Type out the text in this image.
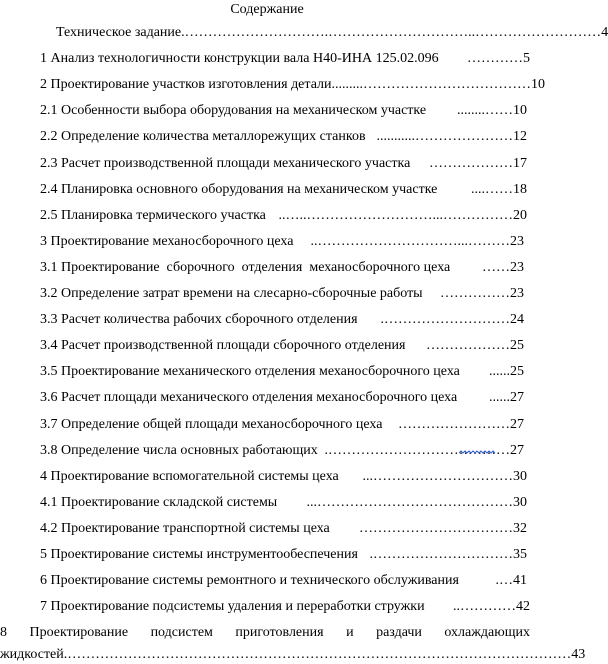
Содержание
Техническое задание ………………………..………………………….…………………………. 4
1 Анализ технологичности конструкции вала Н40-ИНА 125.02.096	………… 5
2 Проектирование участков изготовления детали ………………………………......... 10
2.1 Особенности выбора оборудования на механическом участке	……........ 10
2.2 Определение количества металлорежущих станков …………………........... 12
2.3 Расчет производственной площади механического участка	……………… 17
2.4 Планировка основного оборудования на механическом участке	…….... 18
2.5 Планировка термического участка ……………...………………………..….. 20
3 Проектирование механосборочного цеха	………...………………………….. 23
3.1 Проектирование  сборочного  отделения  механосборочного цеха	…… 23
3.2 Определение затрат времени на слесарно-сборочные работы	…………… 23
3.3 Расчет количества рабочих сборочного отделения	………………………. 24
3.4 Расчет производственной площади сборочного отделения	……………… 25
3.5 Проектирование механического отделения механосборочного цеха	...... 25
3.6 Расчет площади механического отделения механосборочного цеха	...... 27
3.7 Определение общей площади механосборочного цеха	…………………… 27
3.8 Определение числа основных работающих …………………………………. 27
4 Проектирование вспомогательной системы цеха	…………………………... 30
4.1 Проектирование складской системы	……………………………………... 30
4.2 Проектирование транспортной системы цеха	…………………………… 32
5 Проектирование системы инструментообеспечения …………………………. 35
6 Проектирование системы ремонтного и технического обслуживания	…. 41
7 Проектирование подсистемы удаления и переработки стружки	………….. 42
8 Проектирование подсистем приготовления и раздачи охлаждающих
жидкостей ………………………………………………………………………………………………. 43
